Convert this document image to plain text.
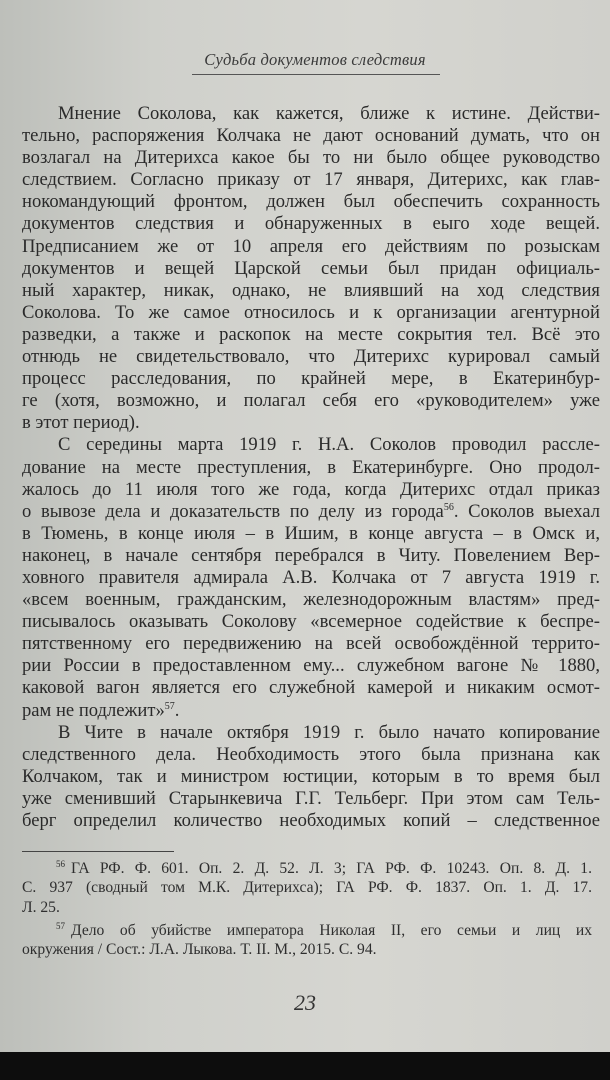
Судьба документов следствия

Мнение Соколова, как кажется, ближе к истине. Действи-
тельно, распоряжения Колчака не дают оснований думать, что он
возлагал на Дитерихса какое бы то ни было общее руководство
следствием. Согласно приказу от 17 января, Дитерихс, как глав-
нокомандующий фронтом, должен был обеспечить сохранность
документов следствия и обнаруженных в еыго ходе вещей.
Предписанием же от 10 апреля его действиям по розыскам
документов и вещей Царской семьи был придан официаль-
ный характер, никак, однако, не влиявший на ход следствия
Соколова. То же самое относилось и к организации агентурной
разведки, а также и раскопок на месте сокрытия тел. Всё это
отнюдь не свидетельствовало, что Дитерихс курировал самый
процесс расследования, по крайней мере, в Екатеринбур-
ге (хотя, возможно, и полагал себя его «руководителем» уже
в этот период).

С середины марта 1919 г. Н.А. Соколов проводил рассле-
дование на месте преступления, в Екатеринбурге. Оно продол-
жалось до 11 июля того же года, когда Дитерихс отдал приказ
о вывозе дела и доказательств по делу из города$^{56}$. Соколов выехал
в Тюмень, в конце июля – в Ишим, в конце августа – в Омск и,
наконец, в начале сентября перебрался в Читу. Повелением Вер-
ховного правителя адмирала А.В. Колчака от 7 августа 1919 г.
«всем военным, гражданским, железнодорожным властям» пред-
писывалось оказывать Соколову «всемерное содействие к беспре-
пятственному его передвижению на всей освобождённой террито-
рии России в предоставленном ему... служебном вагоне № 1880,
каковой вагон является его служебной камерой и никаким осмот-
рам не подлежит»$^{57}$.

В Чите в начале октября 1919 г. было начато копирование
следственного дела. Необходимость этого была признана как
Колчаком, так и министром юстиции, которым в то время был
уже сменивший Старынкевича Г.Г. Тельберг. При этом сам Тель-
берг определил количество необходимых копий – следственное

$^{56}$ ГА РФ. Ф. 601. Оп. 2. Д. 52. Л. 3; ГА РФ. Ф. 10243. Оп. 8. Д. 1.
С. 937 (сводный том М.К. Дитерихса); ГА РФ. Ф. 1837. Оп. 1. Д. 17.
Л. 25.
$^{57}$ Дело об убийстве императора Николая II, его семьи и лиц их
окружения / Сост.: Л.А. Лыкова. Т. II. М., 2015. С. 94.
23
